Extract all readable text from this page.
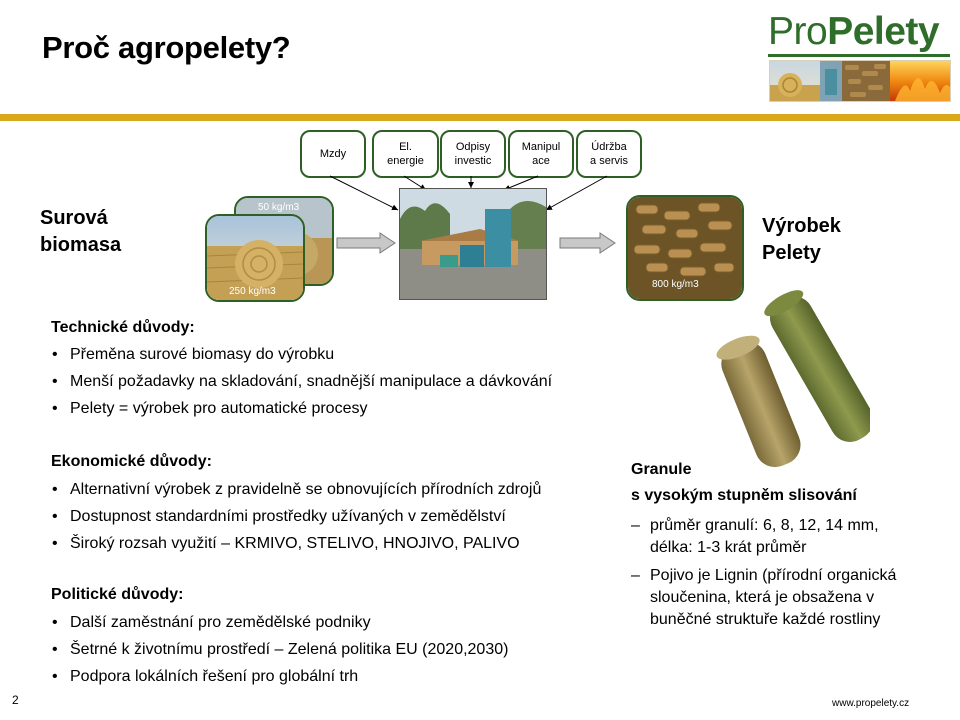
Proč agropelety?	ProPelety
Mzdy
El.
energie
Odpisy
investic
Manipul
ace
Údržba
a servis
Surová
biomasa
50 kg/m3
250 kg/m3
800 kg/m3
Výrobek
Pelety
Technické důvody:
• Přeměna surové biomasy do výrobku
• Menší požadavky na skladování, snadnější manipulace a dávkování
• Pelety = výrobek pro automatické procesy
Ekonomické důvody:
• Alternativní výrobek z pravidelně se obnovujících přírodních zdrojů
• Dostupnost standardními prostředky užívaných v zemědělství
• Široký rozsah využití – KRMIVO, STELIVO, HNOJIVO, PALIVO
Politické důvody:
• Další zaměstnání pro zemědělské podniky
• Šetrné k životnímu prostředí – Zelená politika EU (2020,2030)
• Podpora lokálních řešení pro globální trh
Granule
s vysokým stupněm slisování
– průměr granulí: 6, 8, 12, 14 mm,
délka: 1-3 krát průměr
– Pojivo je Lignin (přírodní organická
sloučenina, která je obsažena v
buněčné struktuře každé rostliny
2	www.propelety.cz
